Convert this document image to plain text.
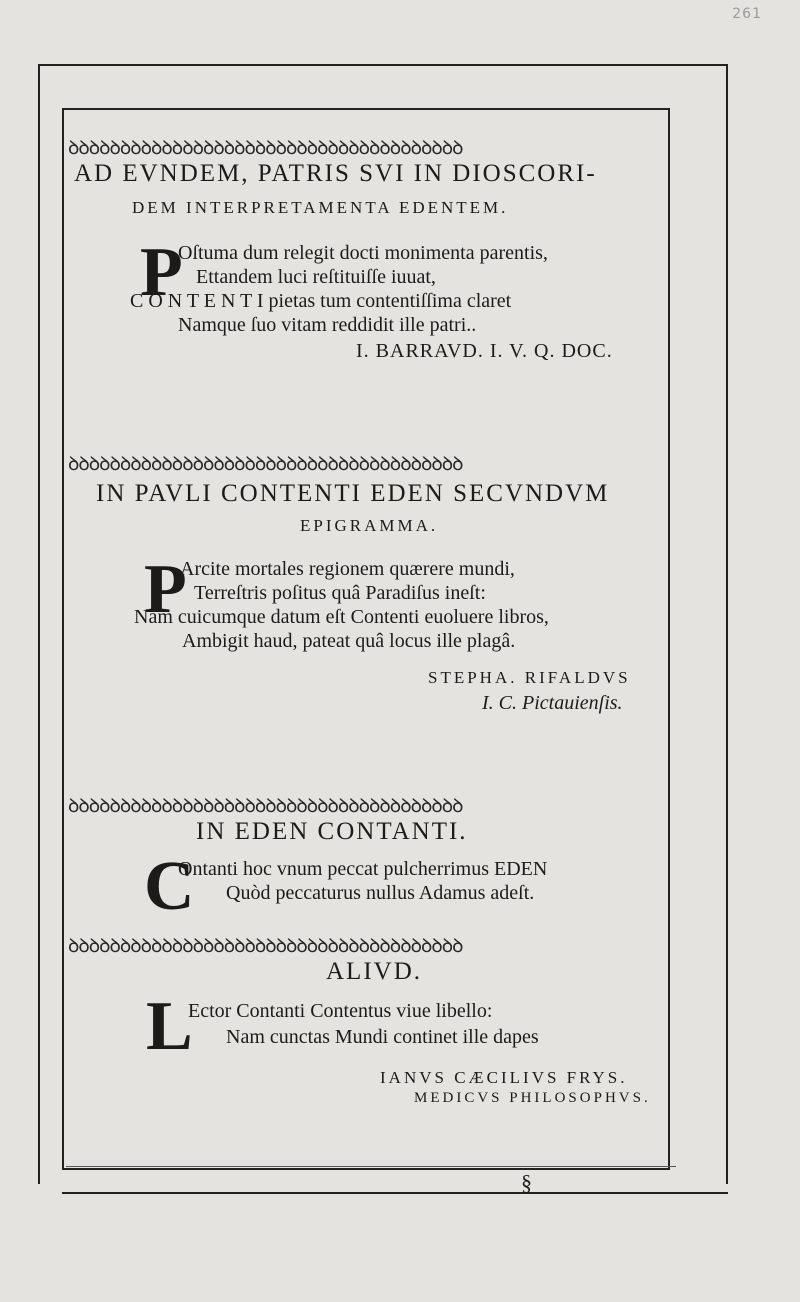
261
ꝺꝺꝺꝺꝺꝺꝺꝺꝺꝺꝺꝺꝺꝺꝺꝺꝺꝺꝺꝺꝺꝺꝺꝺꝺꝺꝺꝺꝺꝺꝺꝺꝺꝺꝺꝺꝺꝺ
AD EVNDEM, PATRIS SVI IN DIOSCORI-
DEM INTERPRETAMENTA EDENTEM.
P
Oſtuma dum relegit docti monimenta parentis,
Ettandem luci reſtituiſſe iuuat,
C O N T E N T I pietas tum contentiſſima claret
Namque ſuo vitam reddidit ille patri..
I. BARRAVD. I. V. Q. DOC.
ꝺꝺꝺꝺꝺꝺꝺꝺꝺꝺꝺꝺꝺꝺꝺꝺꝺꝺꝺꝺꝺꝺꝺꝺꝺꝺꝺꝺꝺꝺꝺꝺꝺꝺꝺꝺꝺꝺ
IN PAVLI CONTENTI EDEN SECVNDVM
EPIGRAMMA.
P
Arcite mortales regionem quærere mundi,
Terreſtris poſitus quâ Paradiſus ineſt:
Nam cuicumque datum eſt Contenti euoluere libros,
Ambigit haud, pateat quâ locus ille plagâ.
STEPHA. RIFALDVS
I. C. Pictauienſis.
ꝺꝺꝺꝺꝺꝺꝺꝺꝺꝺꝺꝺꝺꝺꝺꝺꝺꝺꝺꝺꝺꝺꝺꝺꝺꝺꝺꝺꝺꝺꝺꝺꝺꝺꝺꝺꝺꝺ
IN EDEN CONTANTI.
C
Ontanti hoc vnum peccat pulcherrimus EDEN
Quòd peccaturus nullus Adamus adeſt.
ꝺꝺꝺꝺꝺꝺꝺꝺꝺꝺꝺꝺꝺꝺꝺꝺꝺꝺꝺꝺꝺꝺꝺꝺꝺꝺꝺꝺꝺꝺꝺꝺꝺꝺꝺꝺꝺꝺ
ALIVD.
L
Ector Contanti Contentus viue libello:
Nam cunctas Mundi continet ille dapes
IANVS CÆCILIVS FRYS.
MEDICVS PHILOSOPHVS.
§
